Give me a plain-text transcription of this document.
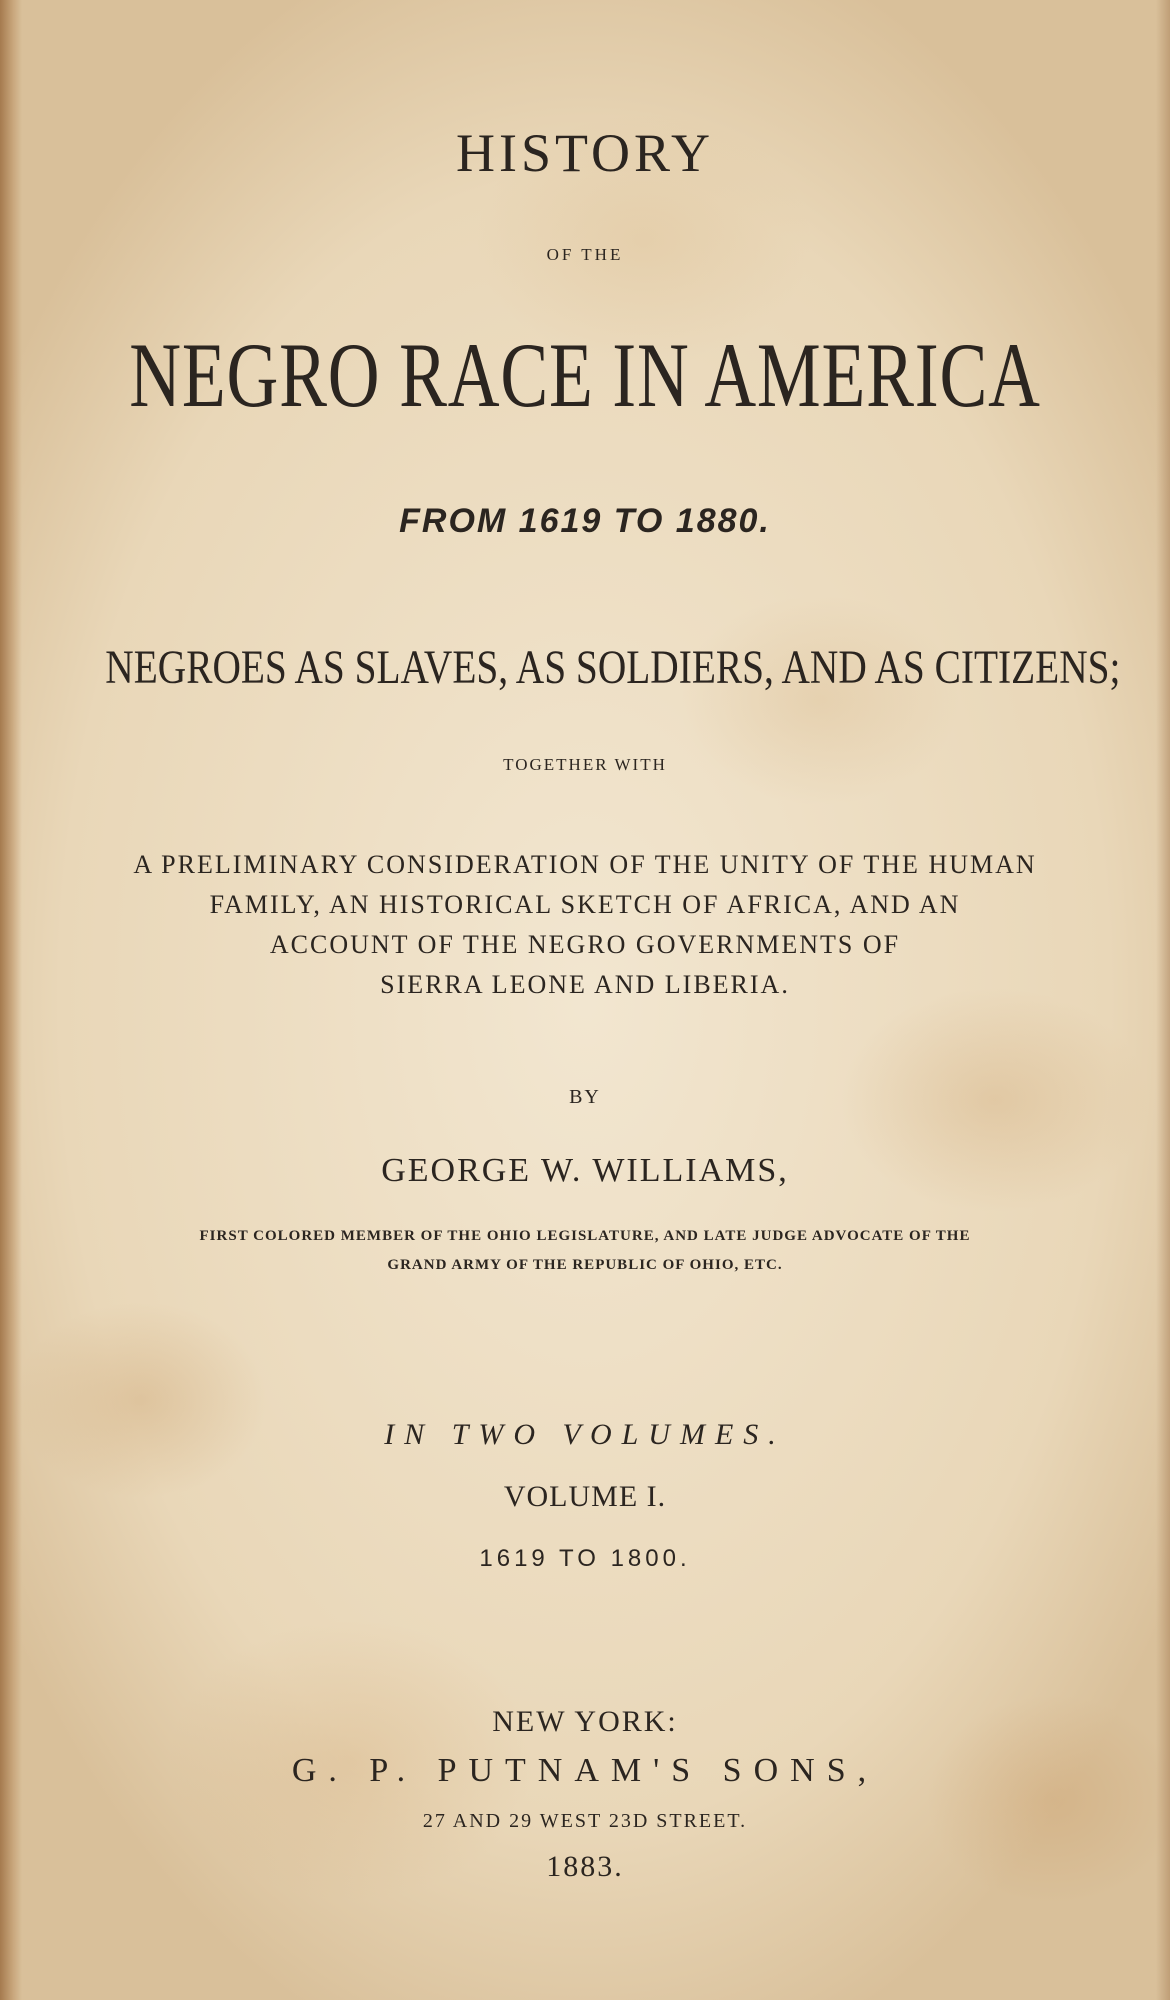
HISTORY

OF THE

NEGRO RACE IN AMERICA

FROM 1619 TO 1880.

NEGROES AS SLAVES, AS SOLDIERS, AND AS CITIZENS;

TOGETHER WITH

A PRELIMINARY CONSIDERATION OF THE UNITY OF THE HUMAN
FAMILY, AN HISTORICAL SKETCH OF AFRICA, AND AN
ACCOUNT OF THE NEGRO GOVERNMENTS OF
SIERRA LEONE AND LIBERIA.

BY

GEORGE W. WILLIAMS,

FIRST COLORED MEMBER OF THE OHIO LEGISLATURE, AND LATE JUDGE ADVOCATE OF THE
GRAND ARMY OF THE REPUBLIC OF OHIO, ETC.

IN TWO VOLUMES.

VOLUME I.

1619 TO 1800.

NEW YORK:

G. P. PUTNAM'S SONS,

27 AND 29 WEST 23D STREET.

1883.
